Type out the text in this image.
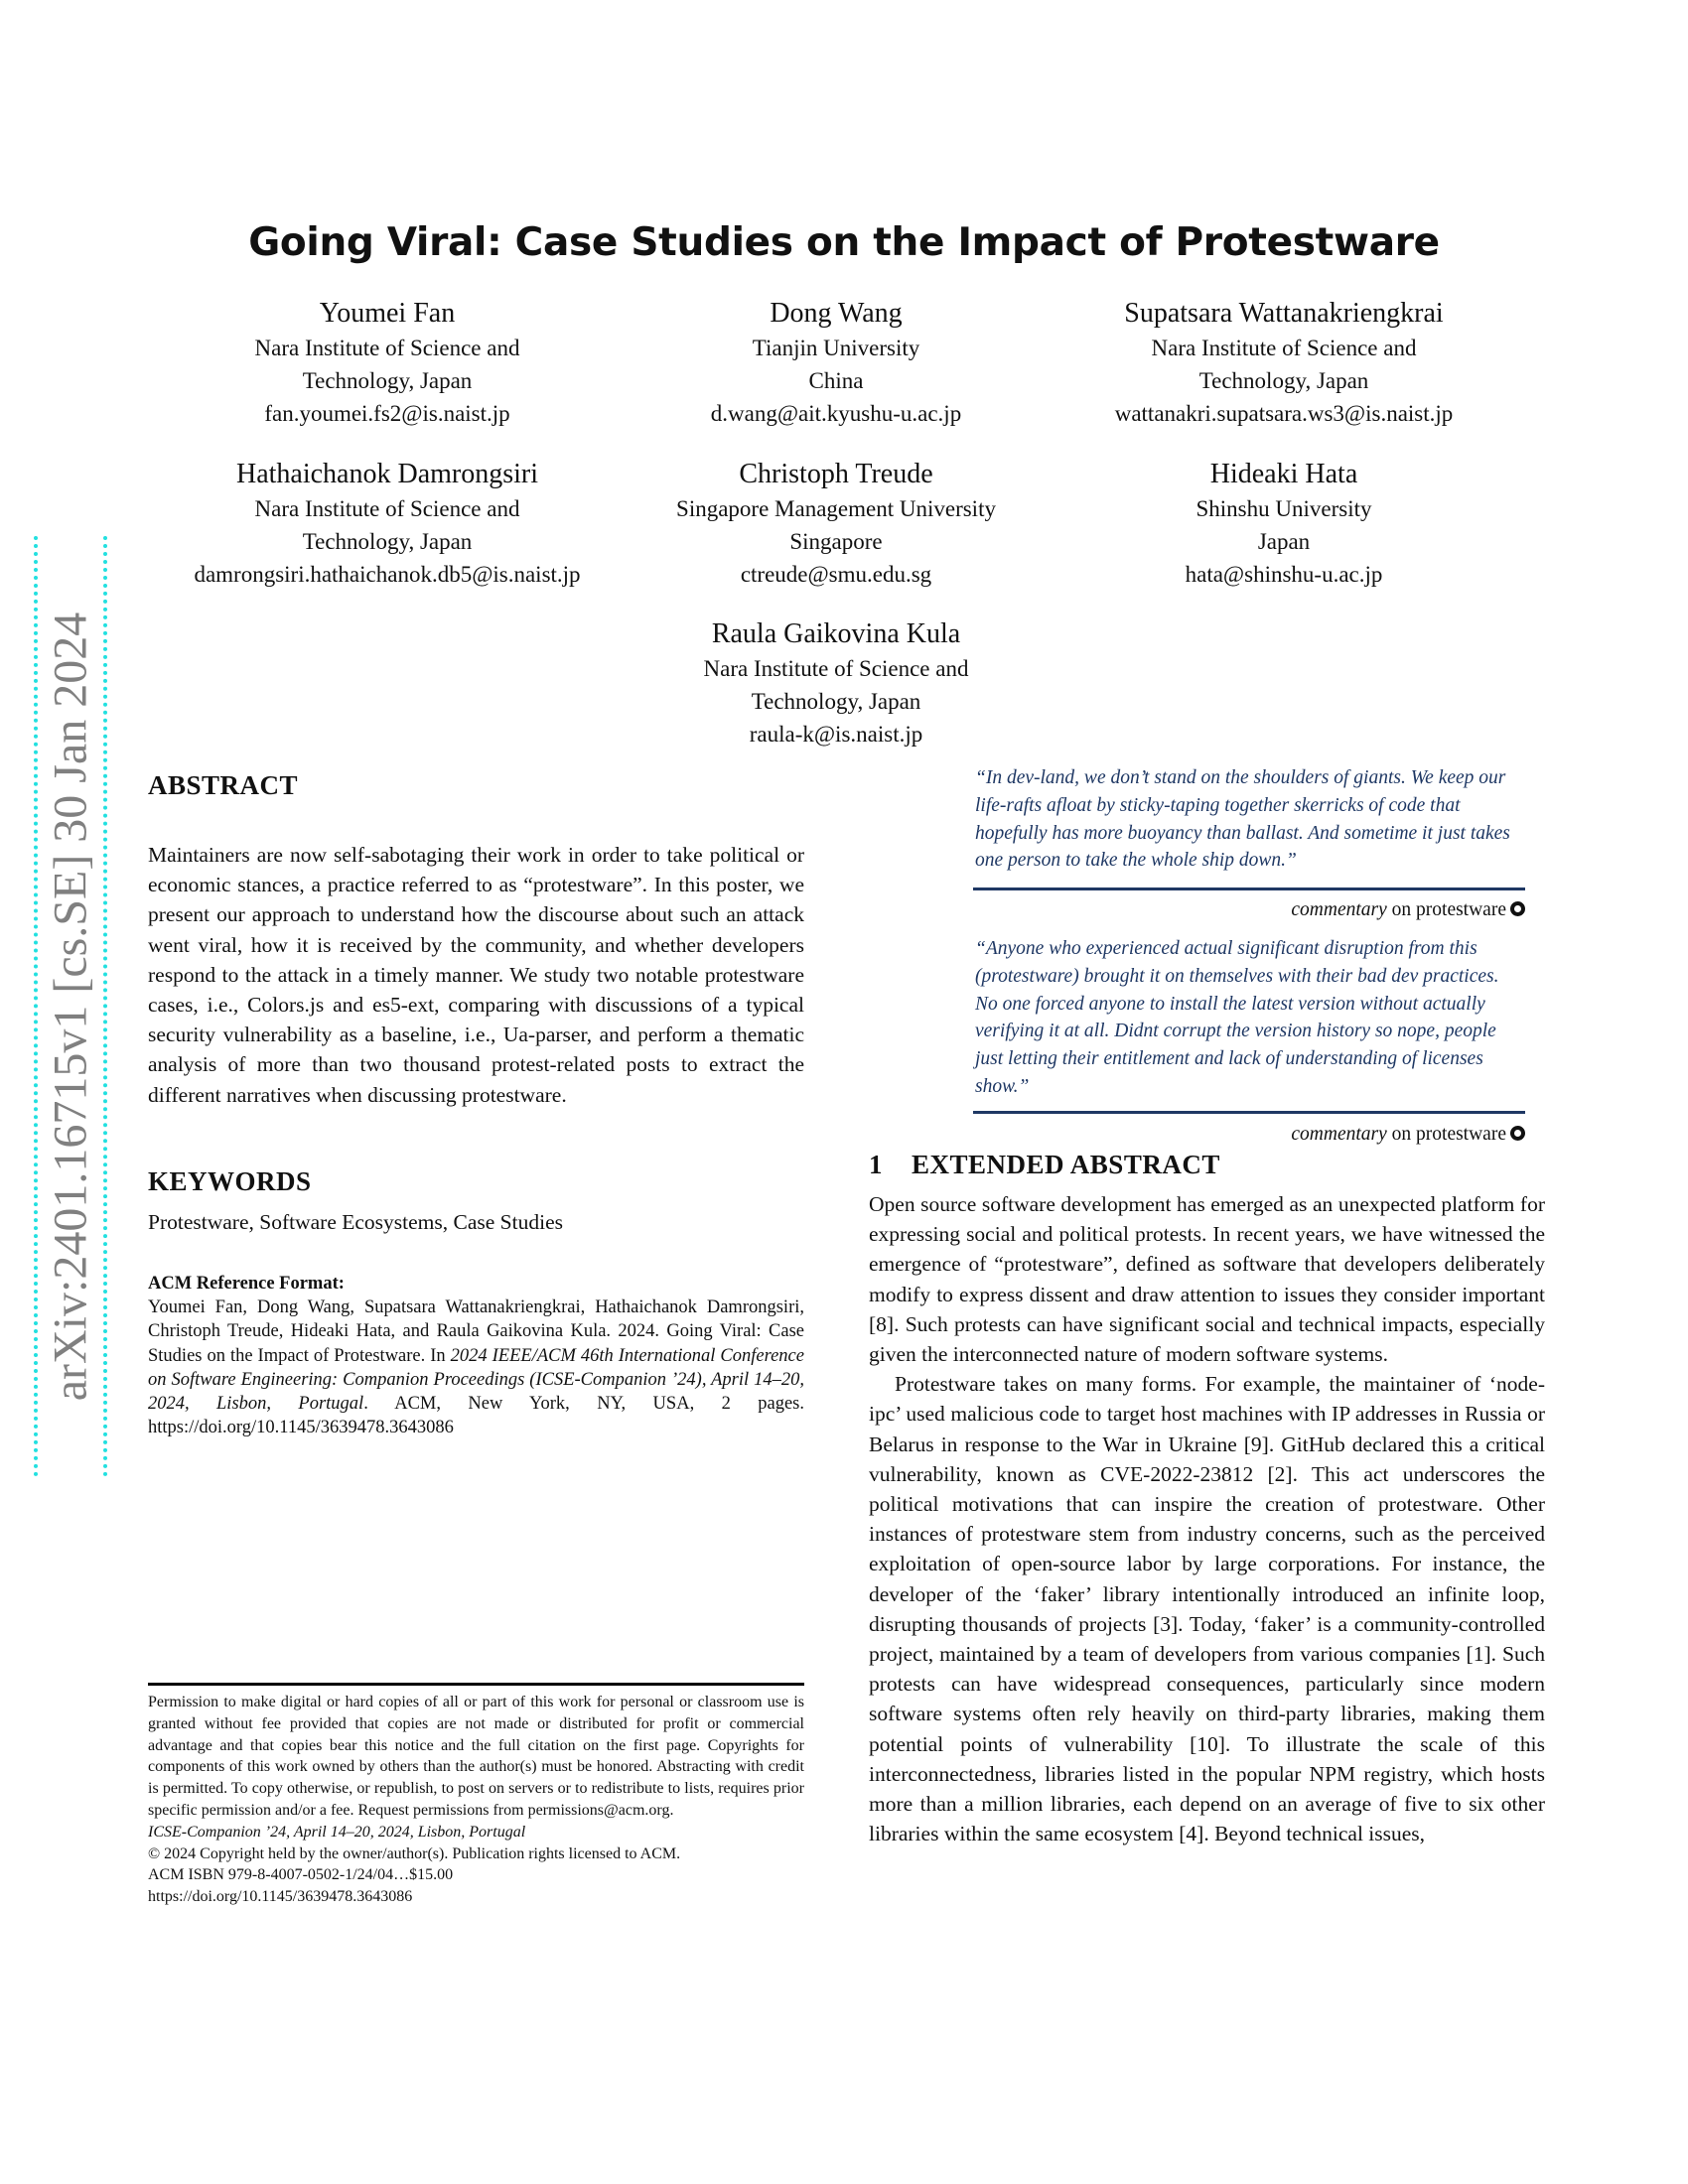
arXiv:2401.16715v1 [cs.SE] 30 Jan 2024
Going Viral: Case Studies on the Impact of Protestware
Youmei Fan
Nara Institute of Science and
Technology, Japan
fan.youmei.fs2@is.naist.jp
Dong Wang
Tianjin University
China
d.wang@ait.kyushu-u.ac.jp
Supatsara Wattanakriengkrai
Nara Institute of Science and
Technology, Japan
wattanakri.supatsara.ws3@is.naist.jp
Hathaichanok Damrongsiri
Nara Institute of Science and
Technology, Japan
damrongsiri.hathaichanok.db5@is.naist.jp
Christoph Treude
Singapore Management University
Singapore
ctreude@smu.edu.sg
Hideaki Hata
Shinshu University
Japan
hata@shinshu-u.ac.jp
Raula Gaikovina Kula
Nara Institute of Science and
Technology, Japan
raula-k@is.naist.jp
ABSTRACT
Maintainers are now self-sabotaging their work in order to take political or economic stances, a practice referred to as “protestware”. In this poster, we present our approach to understand how the discourse about such an attack went viral, how it is received by the community, and whether developers respond to the attack in a timely manner. We study two notable protestware cases, i.e., Colors.js and es5-ext, comparing with discussions of a typical security vulnerability as a baseline, i.e., Ua-parser, and perform a thematic analysis of more than two thousand protest-related posts to extract the different narratives when discussing protestware.
KEYWORDS
Protestware, Software Ecosystems, Case Studies
ACM Reference Format:
Youmei Fan, Dong Wang, Supatsara Wattanakriengkrai, Hathaichanok Damrongsiri, Christoph Treude, Hideaki Hata, and Raula Gaikovina Kula. 2024. Going Viral: Case Studies on the Impact of Protestware. In 2024 IEEE/ACM 46th International Conference on Software Engineering: Companion Proceedings (ICSE-Companion ’24), April 14–20, 2024, Lisbon, Portugal. ACM, New York, NY, USA, 2 pages. https://doi.org/10.1145/3639478.3643086

Permission to make digital or hard copies of all or part of this work for personal or classroom use is granted without fee provided that copies are not made or distributed for profit or commercial advantage and that copies bear this notice and the full citation on the first page. Copyrights for components of this work owned by others than the author(s) must be honored. Abstracting with credit is permitted. To copy otherwise, or republish, to post on servers or to redistribute to lists, requires prior specific permission and/or a fee. Request permissions from permissions@acm.org.

ICSE-Companion ’24, April 14–20, 2024, Lisbon, Portugal

© 2024 Copyright held by the owner/author(s). Publication rights licensed to ACM.

ACM ISBN 979-8-4007-0502-1/24/04…$15.00

https://doi.org/10.1145/3639478.3643086

“In dev-land, we don’t stand on the shoulders of giants. We keep our life-rafts afloat by sticky-taping together skerricks of code that hopefully has more buoyancy than ballast. And sometime it just takes one person to take the whole ship down.”
commentary on protestware
“Anyone who experienced actual significant disruption from this (protestware) brought it on themselves with their bad dev practices. No one forced anyone to install the latest version without actually verifying it at all. Didnt corrupt the version history so nope, people just letting their entitlement and lack of understanding of licenses show.”
commentary on protestware
1    EXTENDED ABSTRACT

Open source software development has emerged as an unexpected platform for expressing social and political protests. In recent years, we have witnessed the emergence of “protestware”, defined as software that developers deliberately modify to express dissent and draw attention to issues they consider important [8]. Such protests can have significant social and technical impacts, especially given the interconnected nature of modern software systems.

Protestware takes on many forms. For example, the maintainer of ‘node-ipc’ used malicious code to target host machines with IP addresses in Russia or Belarus in response to the War in Ukraine [9]. GitHub declared this a critical vulnerability, known as CVE-2022-23812 [2]. This act underscores the political motivations that can inspire the creation of protestware. Other instances of protestware stem from industry concerns, such as the perceived exploitation of open-source labor by large corporations. For instance, the developer of the ‘faker’ library intentionally introduced an infinite loop, disrupting thousands of projects [3]. Today, ‘faker’ is a community-controlled project, maintained by a team of developers from various companies [1]. Such protests can have widespread consequences, particularly since modern software systems often rely heavily on third-party libraries, making them potential points of vulnerability [10]. To illustrate the scale of this interconnectedness, libraries listed in the popular NPM registry, which hosts more than a million libraries, each depend on an average of five to six other libraries within the same ecosystem [4]. Beyond technical issues,
